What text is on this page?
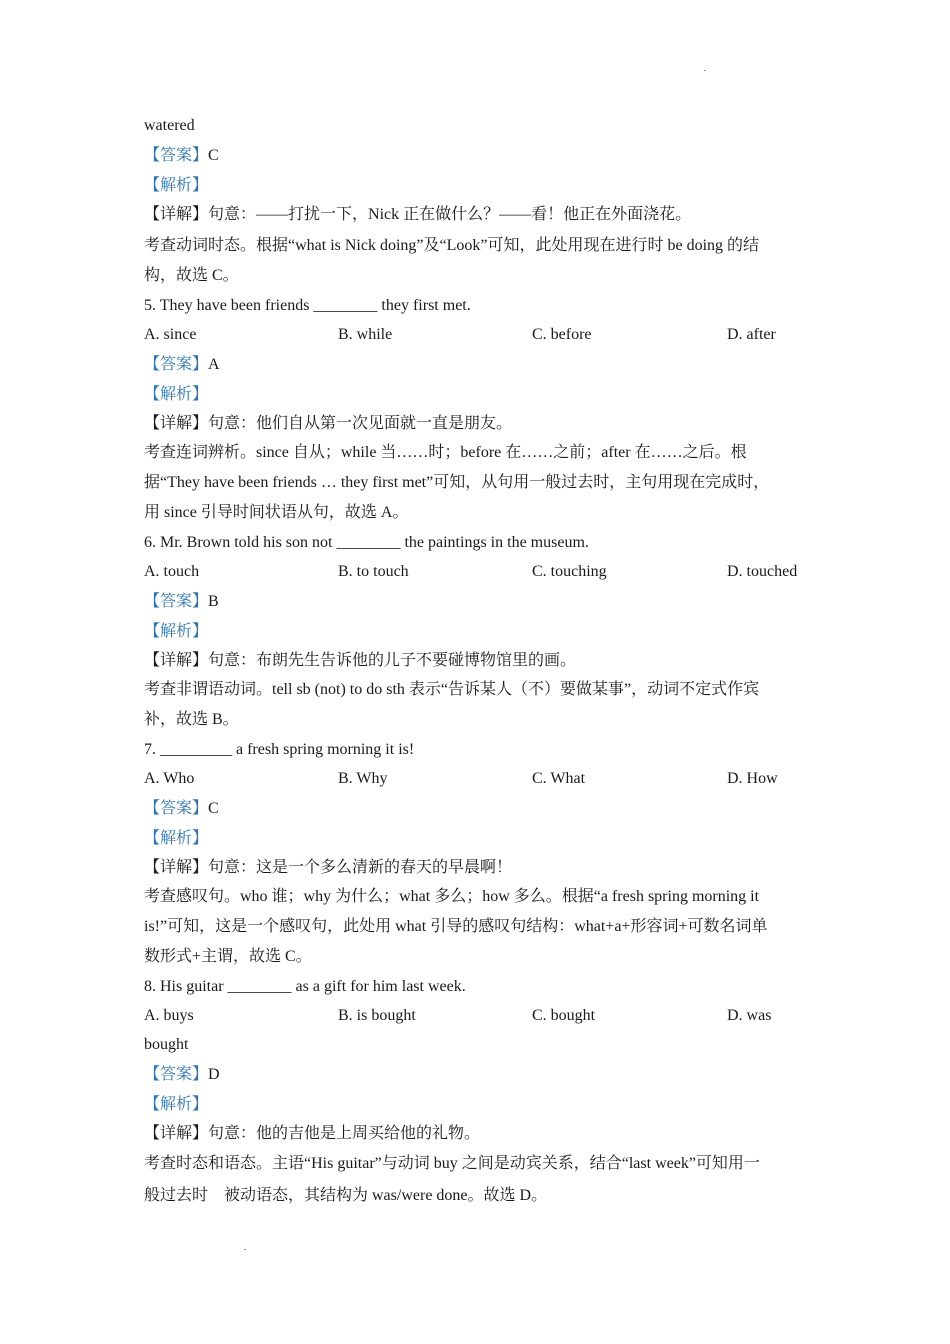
watered
【答案】C
【解析】
【详解】句意：——打扰一下，Nick 正在做什么？——看！他正在外面浇花。
考查动词时态。根据“what is Nick doing”及“Look”可知，此处用现在进行时 be doing 的结
构，故选 C。
5. They have been friends ________ they first met.
A. since	B. while	C. before	D. after
【答案】A
【解析】
【详解】句意：他们自从第一次见面就一直是朋友。
考查连词辨析。since 自从；while 当……时；before 在……之前；after 在……之后。根
据“They have been friends … they first met”可知，从句用一般过去时，主句用现在完成时，
用 since 引导时间状语从句，故选 A。
6. Mr. Brown told his son not ________ the paintings in the museum.
A. touch	B. to touch	C. touching	D. touched
【答案】B
【解析】
【详解】句意：布朗先生告诉他的儿子不要碰博物馆里的画。
考查非谓语动词。tell sb (not) to do sth 表示“告诉某人（不）要做某事”，动词不定式作宾
补，故选 B。
7. _________ a fresh spring morning it is!
A. Who	B. Why	C. What	D. How
【答案】C
【解析】
【详解】句意：这是一个多么清新的春天的早晨啊！
考查感叹句。who 谁；why 为什么；what 多么；how 多么。根据“a fresh spring morning it
is!”可知，这是一个感叹句，此处用 what 引导的感叹句结构：what+a+形容词+可数名词单
数形式+主谓，故选 C。
8. His guitar ________ as a gift for him last week.
A. buys	B. is bought	C. bought	D. was
bought
【答案】D
【解析】
【详解】句意：他的吉他是上周买给他的礼物。
考查时态和语态。主语“His guitar”与动词 buy 之间是动宾关系，结合“last week”可知用一
般过去时    被动语态，其结构为 was/were done。故选 D。
